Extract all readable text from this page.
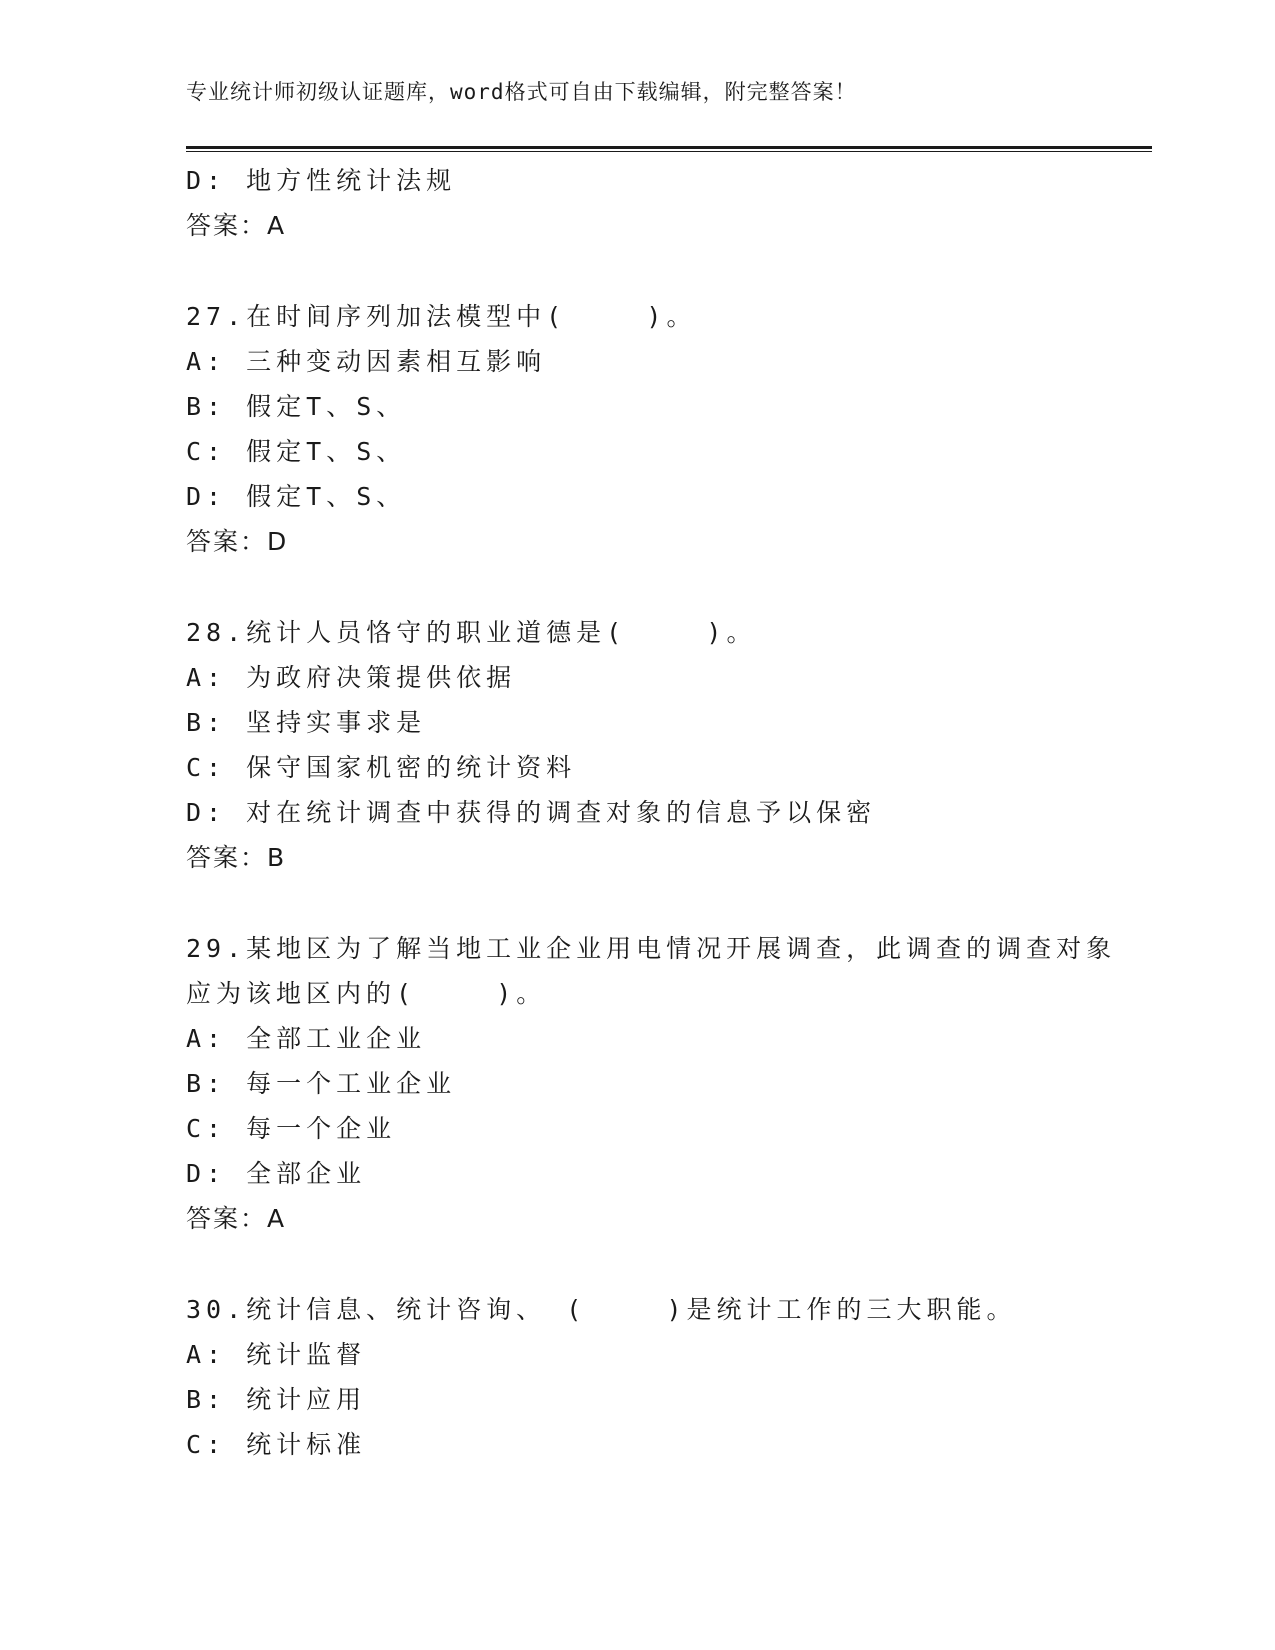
专业统计师初级认证题库，word格式可自由下载编辑，附完整答案！
D: 地方性统计法规
答案：A
27.在时间序列加法模型中(    )。
A: 三种变动因素相互影响
B: 假定T、S、
C: 假定T、S、
D: 假定T、S、
答案：D
28.统计人员恪守的职业道德是(    )。
A: 为政府决策提供依据
B: 坚持实事求是
C: 保守国家机密的统计资料
D: 对在统计调查中获得的调查对象的信息予以保密
答案：B
29.某地区为了解当地工业企业用电情况开展调查，此调查的调查对象
应为该地区内的(    )。
A: 全部工业企业
B: 每一个工业企业
C: 每一个企业
D: 全部企业
答案：A
30.统计信息、统计咨询、 (    )是统计工作的三大职能。
A: 统计监督
B: 统计应用
C: 统计标准
